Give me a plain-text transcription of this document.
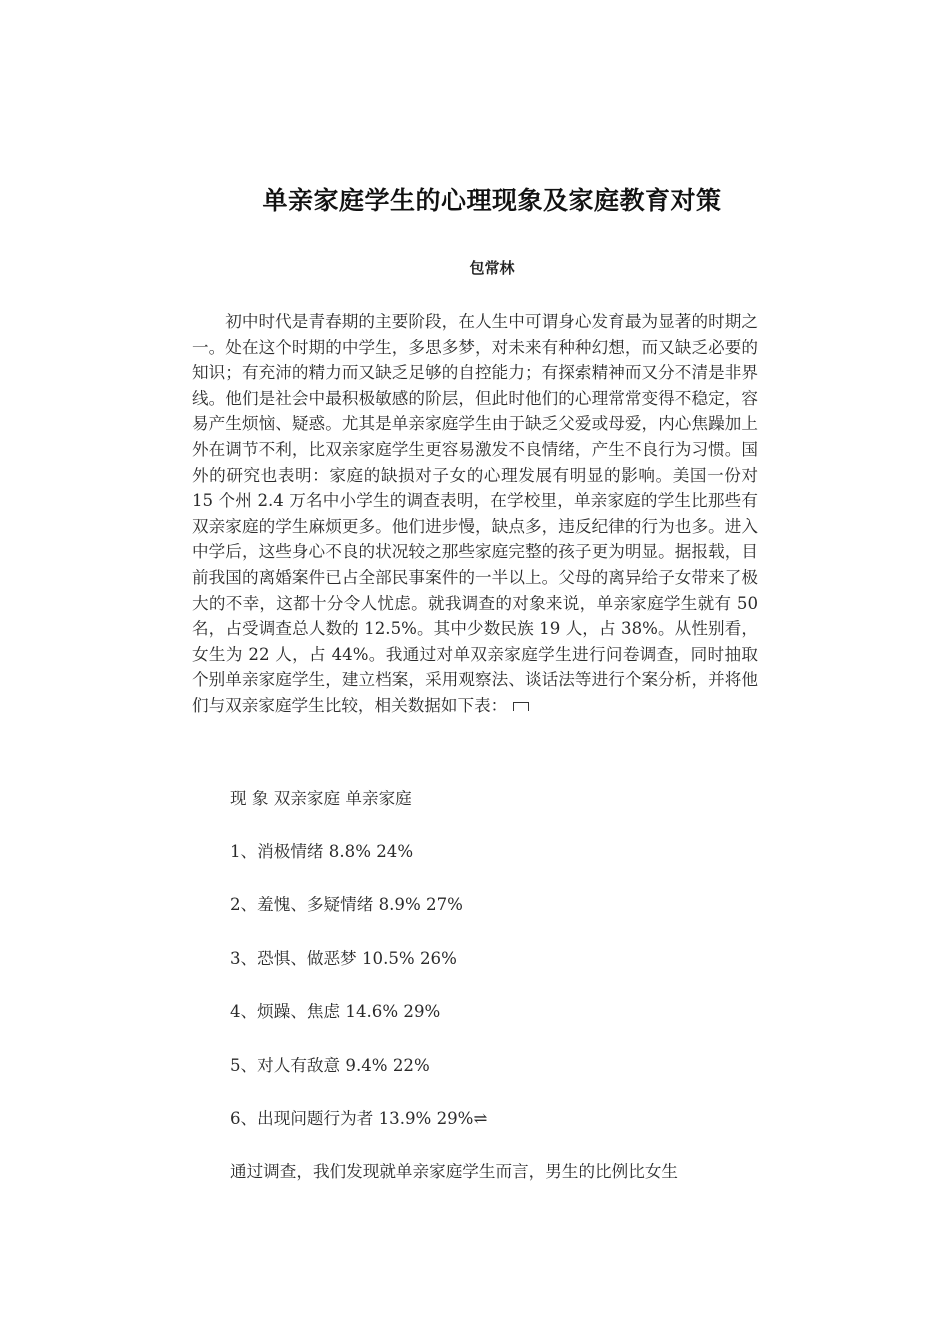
单亲家庭学生的心理现象及家庭教育对策
包常林

初中时代是青春期的主要阶段，在人生中可谓身心发育最为显著的时期之一。处在这个时期的中学生，多思多梦，对未来有种种幻想，而又缺乏必要的知识；有充沛的精力而又缺乏足够的自控能力；有探索精神而又分不清是非界线。他们是社会中最积极敏感的阶层，但此时他们的心理常常变得不稳定，容易产生烦恼、疑惑。尤其是单亲家庭学生由于缺乏父爱或母爱，内心焦躁加上外在调节不利，比双亲家庭学生更容易激发不良情绪，产生不良行为习惯。国外的研究也表明：家庭的缺损对子女的心理发展有明显的影响。美国一份对 15 个州 2.4 万名中小学生的调查表明，在学校里，单亲家庭的学生比那些有双亲家庭的学生麻烦更多。他们进步慢，缺点多，违反纪律的行为也多。进入中学后，这些身心不良的状况较之那些家庭完整的孩子更为明显。据报载，目前我国的离婚案件已占全部民事案件的一半以上。父母的离异给子女带来了极大的不幸，这都十分令人忧虑。就我调查的对象来说，单亲家庭学生就有 50 名，占受调查总人数的 12.5%。其中少数民族 19 人，占 38%。从性别看，女生为 22 人，占 44%。我通过对单双亲家庭学生进行问卷调查，同时抽取个别单亲家庭学生，建立档案，采用观察法、谈话法等进行个案分析，并将他们与双亲家庭学生比较，相关数据如下表：

现 象 双亲家庭 单亲家庭
1、消极情绪 8.8% 24%
2、羞愧、多疑情绪 8.9% 27%
3、恐惧、做恶梦 10.5% 26%
4、烦躁、焦虑 14.6% 29%
5、对人有敌意 9.4% 22%
6、出现问题行为者 13.9% 29%⇌
通过调查，我们发现就单亲家庭学生而言，男生的比例比女生
